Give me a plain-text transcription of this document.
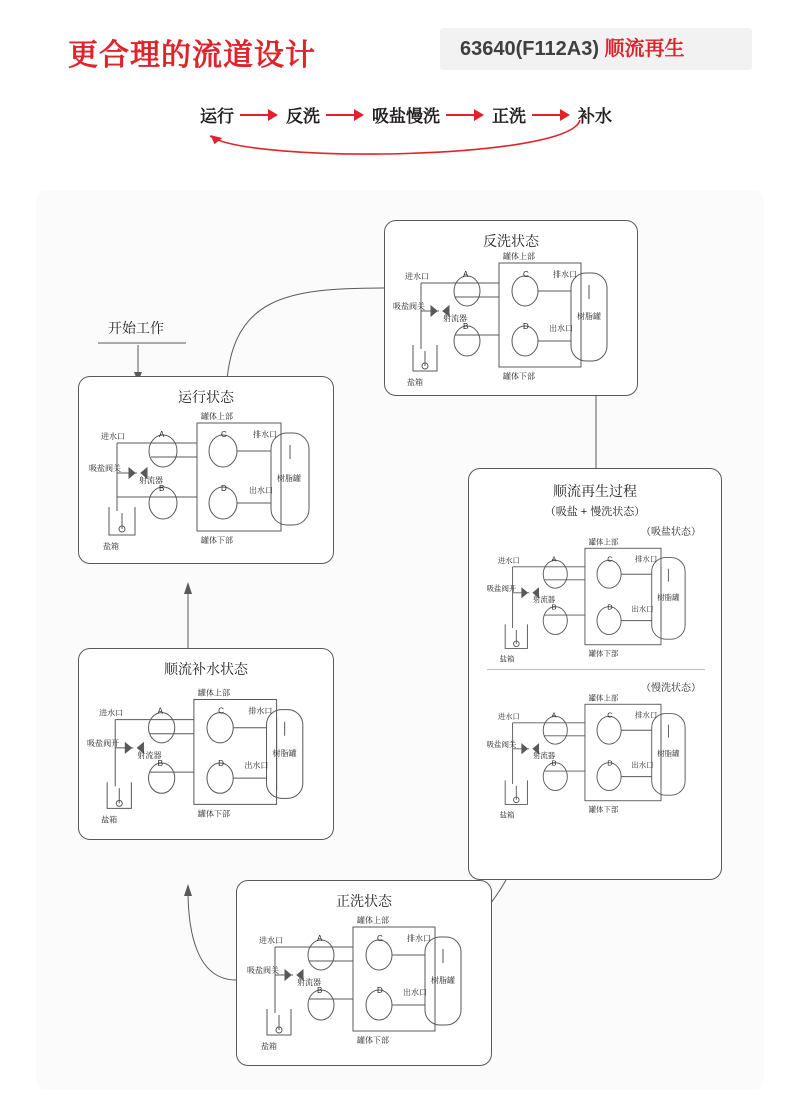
更合理的流道设计	63640(F112A3) 顺流再生
运行	反洗	吸盐慢洗	正洗	补水
开始工作
运行状态
进水口
吸盐阀关
射流器
罐体上部
罐体下部
排水口
出水口
树脂罐
盐箱
A
B
C
D
反洗状态
进水口
吸盐阀关
射流器
罐体上部
罐体下部
排水口
出水口
树脂罐
盐箱
A
B
C
D
顺流再生过程
（吸盐 + 慢洗状态）
（吸盐状态）
（慢洗状态）
进水口
吸盐阀开
射流器
罐体上部
罐体下部
排水口
出水口
树脂罐
盐箱
A
B
C
D
进水口
吸盐阀关
射流器
罐体上部
罐体下部
排水口
出水口
树脂罐
盐箱
A
B
C
D
正洗状态
进水口
吸盐阀关
射流器
罐体上部
罐体下部
排水口
出水口
树脂罐
盐箱
A
B
C
D
顺流补水状态
进水口
吸盐阀开
射流器
罐体上部
罐体下部
排水口
出水口
树脂罐
盐箱
A
B
C
D
